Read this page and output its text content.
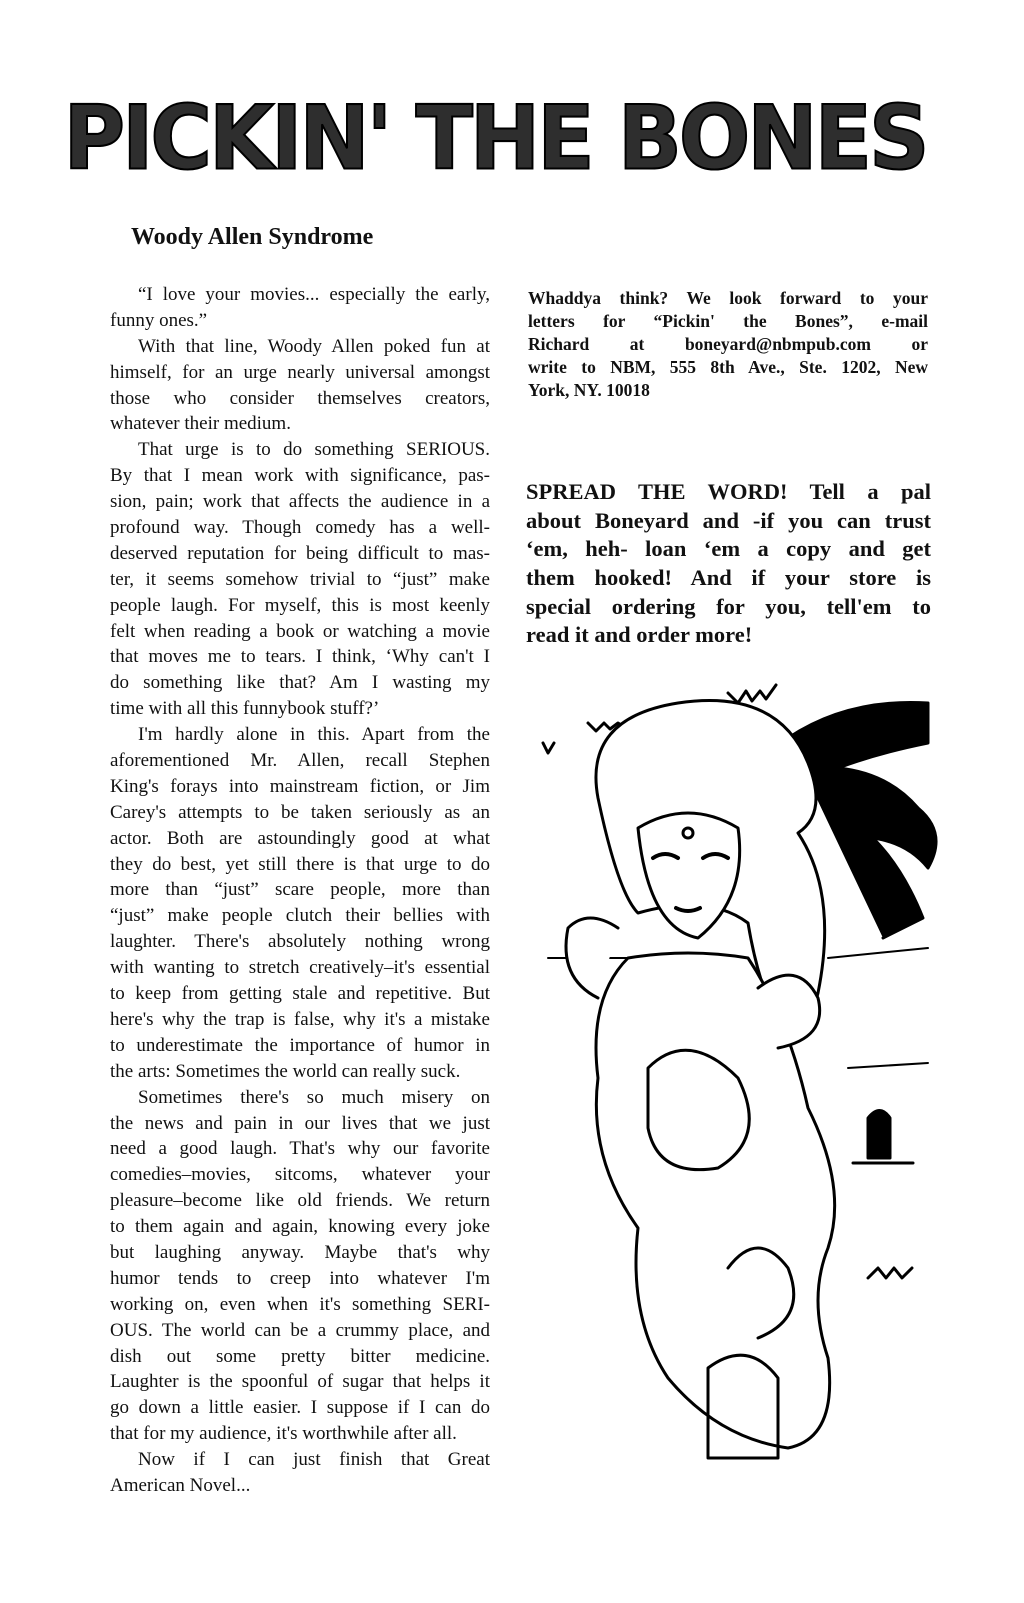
PICKIN' THE BONES
Woody Allen Syndrome
“I love your movies... especially the early,
funny ones.”
With that line, Woody Allen poked fun at
himself, for an urge nearly universal amongst
those who consider themselves creators,
whatever their medium.
That urge is to do something SERIOUS.
By that I mean work with significance, pas-
sion, pain; work that affects the audience in a
profound way. Though comedy has a well-
deserved reputation for being difficult to mas-
ter, it seems somehow trivial to “just” make
people laugh. For myself, this is most keenly
felt when reading a book or watching a movie
that moves me to tears. I think, ‘Why can't I
do something like that? Am I wasting my
time with all this funnybook stuff?’
I'm hardly alone in this. Apart from the
aforementioned Mr. Allen, recall Stephen
King's forays into mainstream fiction, or Jim
Carey's attempts to be taken seriously as an
actor. Both are astoundingly good at what
they do best, yet still there is that urge to do
more than “just” scare people, more than
“just” make people clutch their bellies with
laughter. There's absolutely nothing wrong
with wanting to stretch creatively–it's essential
to keep from getting stale and repetitive. But
here's why the trap is false, why it's a mistake
to underestimate the importance of humor in
the arts: Sometimes the world can really suck.
Sometimes there's so much misery on
the news and pain in our lives that we just
need a good laugh. That's why our favorite
comedies–movies, sitcoms, whatever your
pleasure–become like old friends. We return
to them again and again, knowing every joke
but laughing anyway. Maybe that's why
humor tends to creep into whatever I'm
working on, even when it's something SERI-
OUS. The world can be a crummy place, and
dish out some pretty bitter medicine.
Laughter is the spoonful of sugar that helps it
go down a little easier. I suppose if I can do
that for my audience, it's worthwhile after all.
Now if I can just finish that Great
American Novel...
Whaddya think? We look forward to your
letters for “Pickin' the Bones”, e-mail
Richard at boneyard@nbmpub.com or
write to NBM, 555 8th Ave., Ste. 1202, New
York, NY. 10018
SPREAD THE WORD! Tell a pal
about Boneyard and -if you can trust
‘em, heh- loan ‘em a copy and get
them hooked! And if your store is
special ordering for you, tell'em to
read it and order more!
